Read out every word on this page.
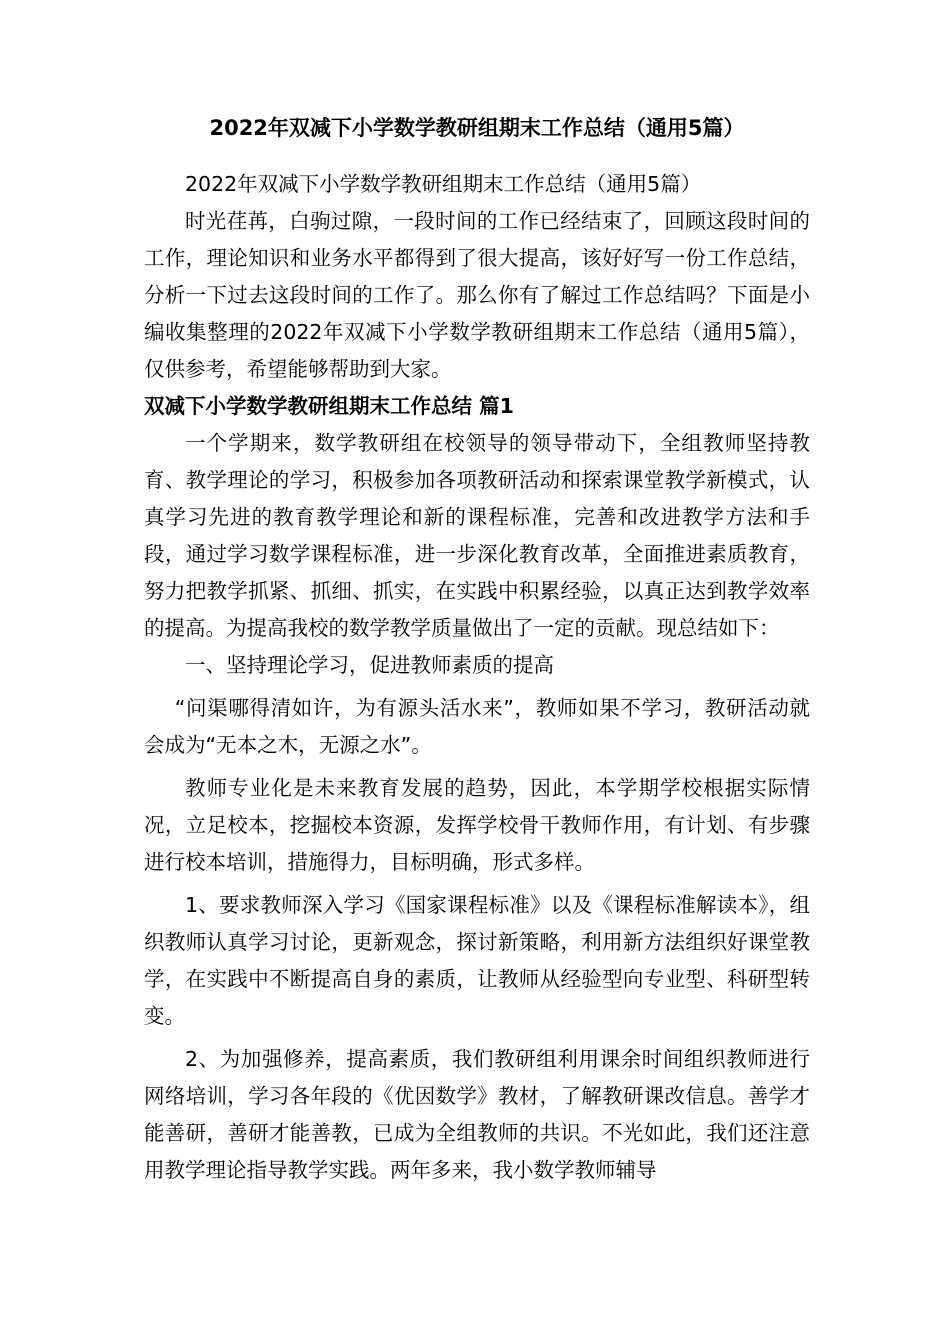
2022年双减下小学数学教研组期末工作总结（通用5篇）

2022年双减下小学数学教研组期末工作总结（通用5篇）

时光荏苒，白驹过隙，一段时间的工作已经结束了，回顾这段时间的工作，理论知识和业务水平都得到了很大提高，该好好写一份工作总结，分析一下过去这段时间的工作了。那么你有了解过工作总结吗？下面是小编收集整理的2022年双减下小学数学教研组期末工作总结（通用5篇），仅供参考，希望能够帮助到大家。

双减下小学数学教研组期末工作总结 篇1

一个学期来，数学教研组在校领导的领导带动下，全组教师坚持教育、教学理论的学习，积极参加各项教研活动和探索课堂教学新模式，认真学习先进的教育教学理论和新的课程标准，完善和改进教学方法和手段，通过学习数学课程标准，进一步深化教育改革，全面推进素质教育，努力把教学抓紧、抓细、抓实，在实践中积累经验，以真正达到教学效率的提高。为提高我校的数学教学质量做出了一定的贡献。现总结如下：

一、坚持理论学习，促进教师素质的提高

“问渠哪得清如许，为有源头活水来”，教师如果不学习，教研活动就会成为“无本之木，无源之水”。

教师专业化是未来教育发展的趋势，因此，本学期学校根据实际情况，立足校本，挖掘校本资源，发挥学校骨干教师作用，有计划、有步骤进行校本培训，措施得力，目标明确，形式多样。

1、要求教师深入学习《国家课程标准》以及《课程标准解读本》，组织教师认真学习讨论，更新观念，探讨新策略，利用新方法组织好课堂教学，在实践中不断提高自身的素质，让教师从经验型向专业型、科研型转变。

2、为加强修养，提高素质，我们教研组利用课余时间组织教师进行网络培训，学习各年段的《优因数学》教材，了解教研课改信息。善学才能善研，善研才能善教，已成为全组教师的共识。不光如此，我们还注意用教学理论指导教学实践。两年多来，我小数学教师辅导
